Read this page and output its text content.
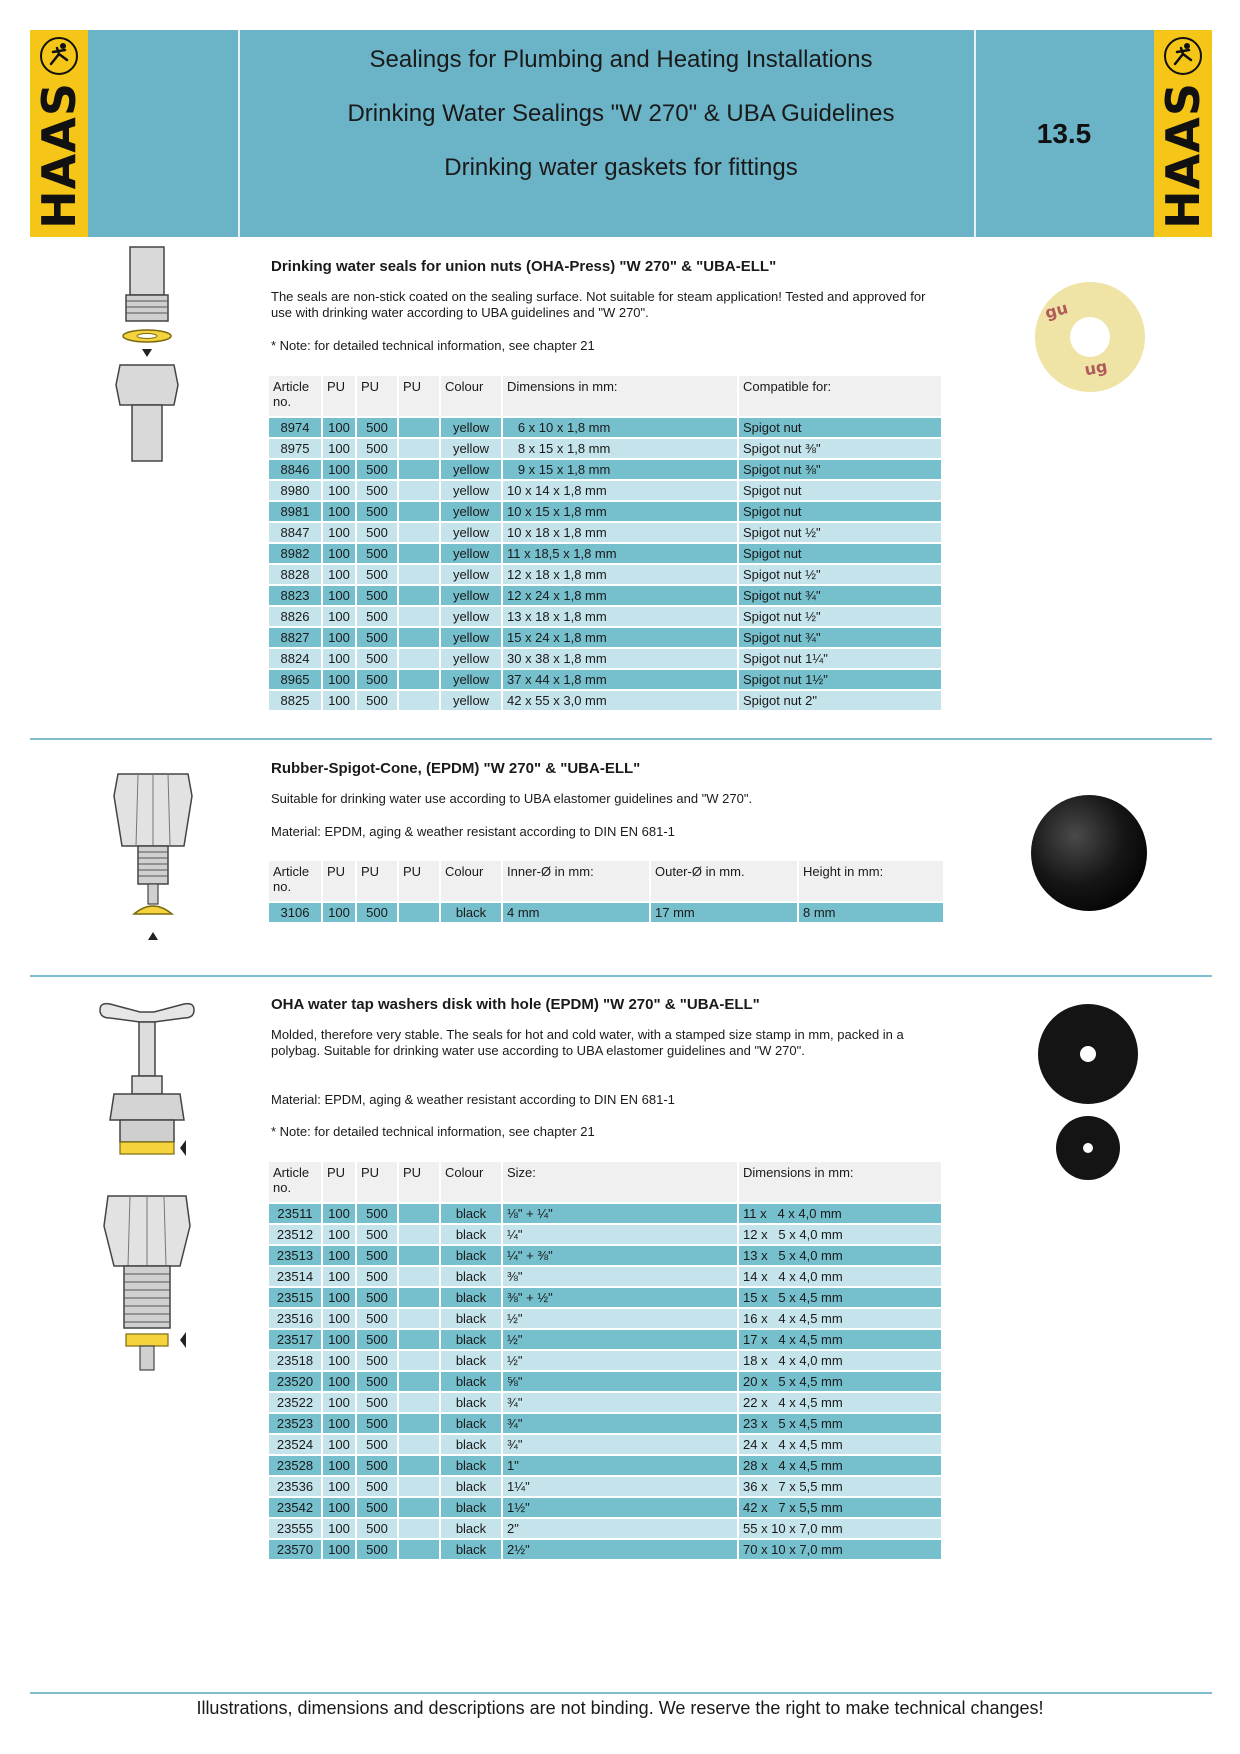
HAAS
Sealings for Plumbing and Heating Installations
Drinking Water Sealings "W 270" & UBA Guidelines
Drinking water gaskets for fittings
13.5	HAAS
Drinking water seals for union nuts (OHA-Press) "W 270" & "UBA-ELL"
The seals are non-stick coated on the sealing surface. Not suitable for steam application! Tested and approved for use with drinking water according to UBA guidelines and "W 270".
* Note: for detailed technical information, see chapter 21
Article no.	PU	PU	PU	Colour	Dimensions in mm:	Compatible for:
8974	100	500		yellow	6 x 10 x 1,8 mm	Spigot nut
8975	100	500		yellow	8 x 15 x 1,8 mm	Spigot nut ⅜"
8846	100	500		yellow	9 x 15 x 1,8 mm	Spigot nut ⅜"
8980	100	500		yellow	10 x 14 x 1,8 mm	Spigot nut
8981	100	500		yellow	10 x 15 x 1,8 mm	Spigot nut
8847	100	500		yellow	10 x 18 x 1,8 mm	Spigot nut ½"
8982	100	500		yellow	11 x 18,5 x 1,8 mm	Spigot nut
8828	100	500		yellow	12 x 18 x 1,8 mm	Spigot nut ½"
8823	100	500		yellow	12 x 24 x 1,8 mm	Spigot nut ¾"
8826	100	500		yellow	13 x 18 x 1,8 mm	Spigot nut ½"
8827	100	500		yellow	15 x 24 x 1,8 mm	Spigot nut ¾"
8824	100	500		yellow	30 x 38 x 1,8 mm	Spigot nut 1¼"
8965	100	500		yellow	37 x 44 x 1,8 mm	Spigot nut 1½"
8825	100	500		yellow	42 x 55 x 3,0 mm	Spigot nut 2"
gu
ug
Rubber-Spigot-Cone, (EPDM) "W 270" & "UBA-ELL"
Suitable for drinking water use according to UBA elastomer guidelines and "W 270".
Material: EPDM, aging & weather resistant according to DIN EN 681-1
Article no.	PU	PU	PU	Colour	Inner-Ø in mm:	Outer-Ø in mm.	Height in mm:
3106	100	500		black	4 mm	17 mm	8 mm
OHA water tap washers disk with hole (EPDM) "W 270" & "UBA-ELL"
Molded, therefore very stable. The seals for hot and cold water, with a stamped size stamp in mm, packed in a polybag. Suitable for drinking water use according to UBA elastomer guidelines and "W 270".
Material: EPDM, aging & weather resistant according to DIN EN 681-1
* Note: for detailed technical information, see chapter 21
Article no.	PU	PU	PU	Colour	Size:	Dimensions in mm:
23511	100	500		black	⅛" + ¼"	11 x   4 x 4,0 mm
23512	100	500		black	¼"	12 x   5 x 4,0 mm
23513	100	500		black	¼" + ⅜"	13 x   5 x 4,0 mm
23514	100	500		black	⅜"	14 x   4 x 4,0 mm
23515	100	500		black	⅜" + ½"	15 x   5 x 4,5 mm
23516	100	500		black	½"	16 x   4 x 4,5 mm
23517	100	500		black	½"	17 x   4 x 4,5 mm
23518	100	500		black	½"	18 x   4 x 4,0 mm
23520	100	500		black	⅝"	20 x   5 x 4,5 mm
23522	100	500		black	¾"	22 x   4 x 4,5 mm
23523	100	500		black	¾"	23 x   5 x 4,5 mm
23524	100	500		black	¾"	24 x   4 x 4,5 mm
23528	100	500		black	1"	28 x   4 x 4,5 mm
23536	100	500		black	1¼"	36 x   7 x 5,5 mm
23542	100	500		black	1½"	42 x   7 x 5,5 mm
23555	100	500		black	2"	55 x 10 x 7,0 mm
23570	100	500		black	2½"	70 x 10 x 7,0 mm
Illustrations, dimensions and descriptions are not binding. We reserve the right to make technical changes!
